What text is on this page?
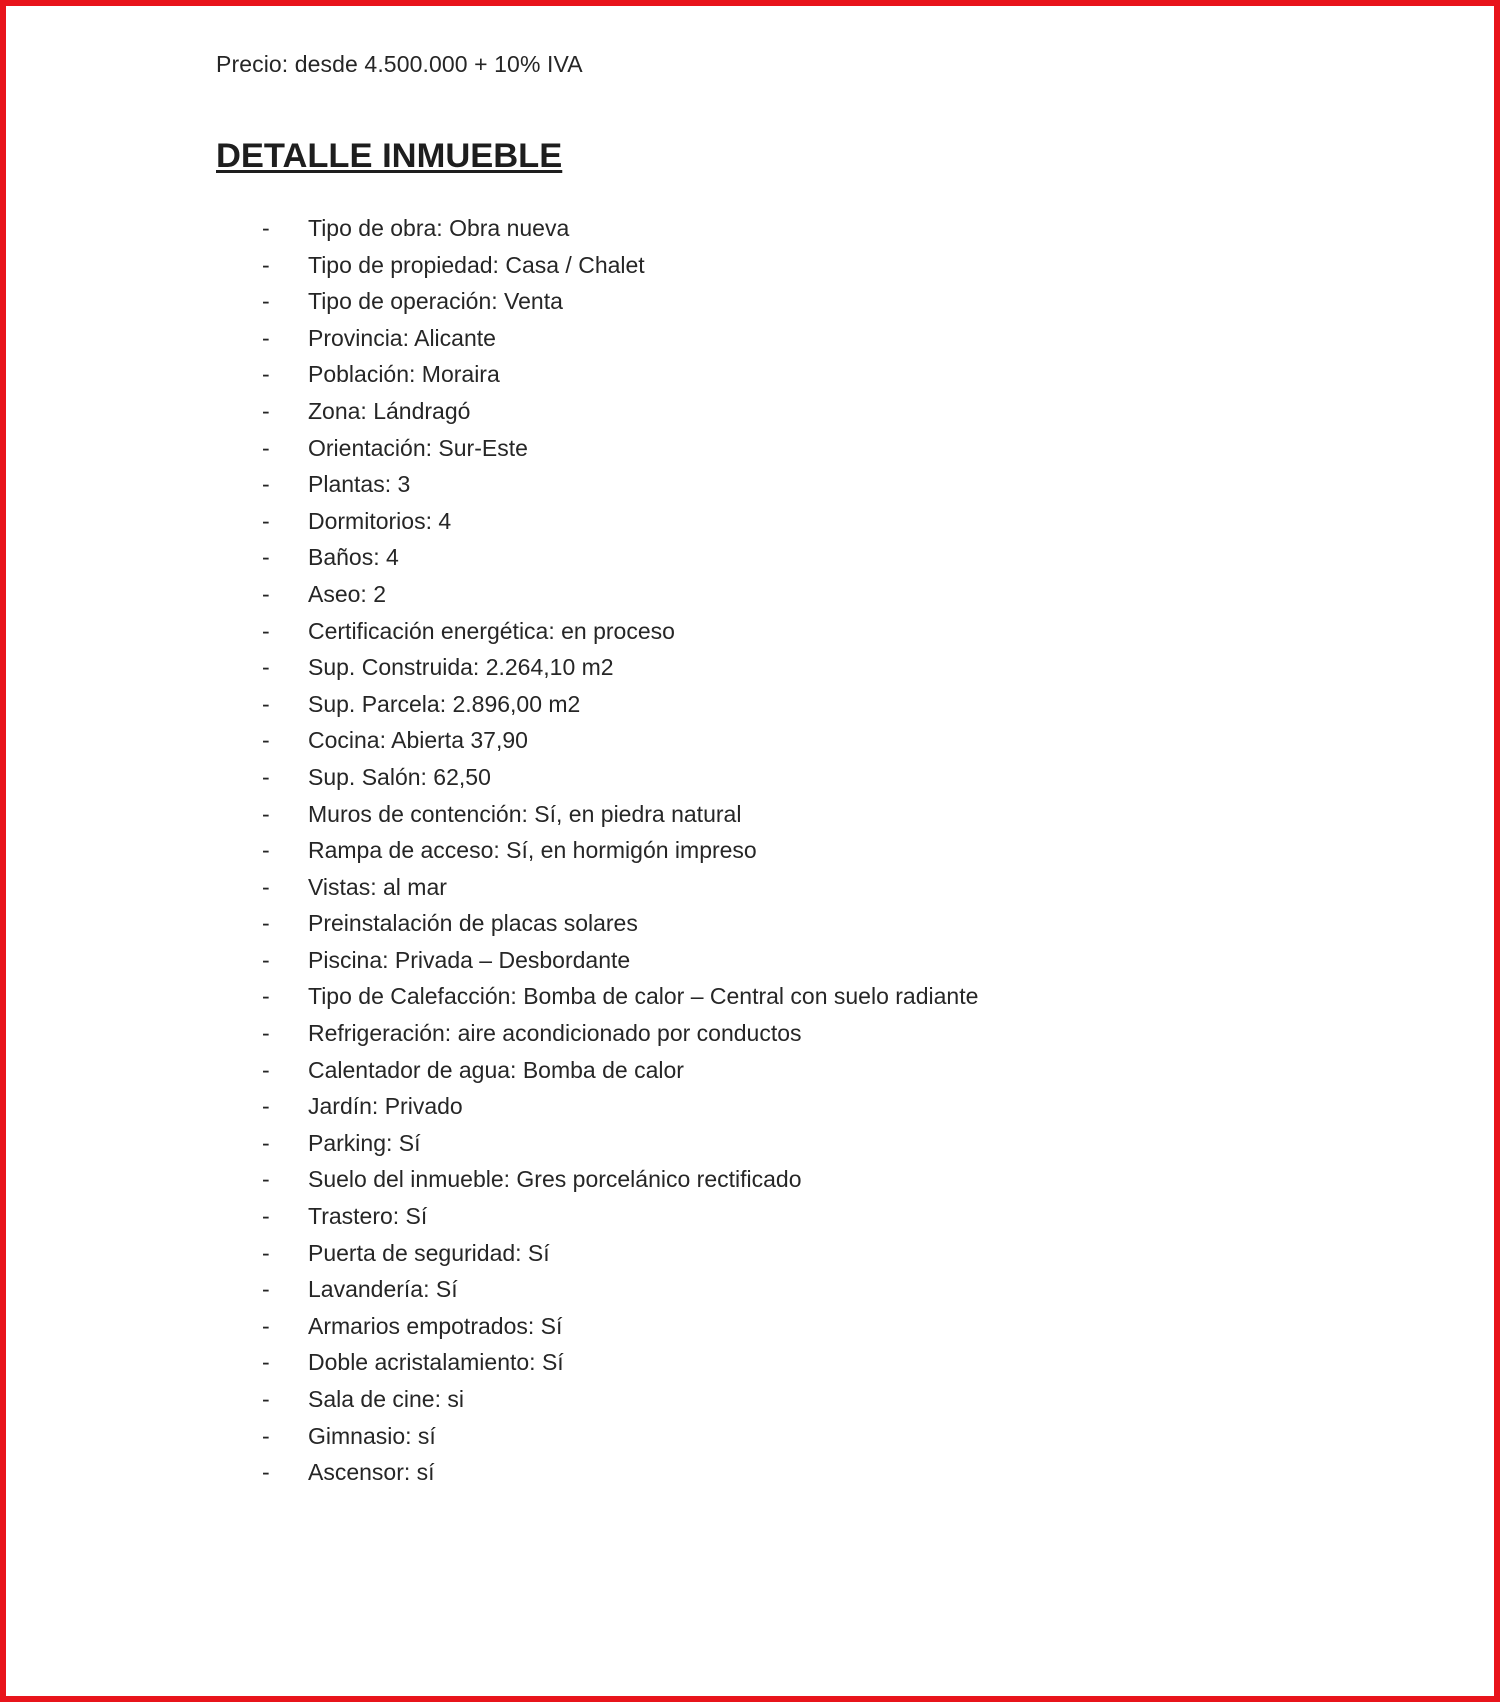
Precio: desde 4.500.000 + 10% IVA

DETALLE INMUEBLE
- Tipo de obra: Obra nueva
- Tipo de propiedad: Casa / Chalet
- Tipo de operación: Venta
- Provincia: Alicante
- Población: Moraira
- Zona: Lándragó
- Orientación: Sur-Este
- Plantas: 3
- Dormitorios: 4
- Baños: 4
- Aseo: 2
- Certificación energética: en proceso
- Sup. Construida: 2.264,10 m2
- Sup. Parcela: 2.896,00 m2
- Cocina: Abierta 37,90
- Sup. Salón: 62,50
- Muros de contención: Sí, en piedra natural
- Rampa de acceso: Sí, en hormigón impreso
- Vistas: al mar
- Preinstalación de placas solares
- Piscina: Privada – Desbordante
- Tipo de Calefacción: Bomba de calor – Central con suelo radiante
- Refrigeración: aire acondicionado por conductos
- Calentador de agua: Bomba de calor
- Jardín: Privado
- Parking: Sí
- Suelo del inmueble: Gres porcelánico rectificado
- Trastero: Sí
- Puerta de seguridad: Sí
- Lavandería: Sí
- Armarios empotrados: Sí
- Doble acristalamiento: Sí
- Sala de cine: si
- Gimnasio: sí
- Ascensor: sí
